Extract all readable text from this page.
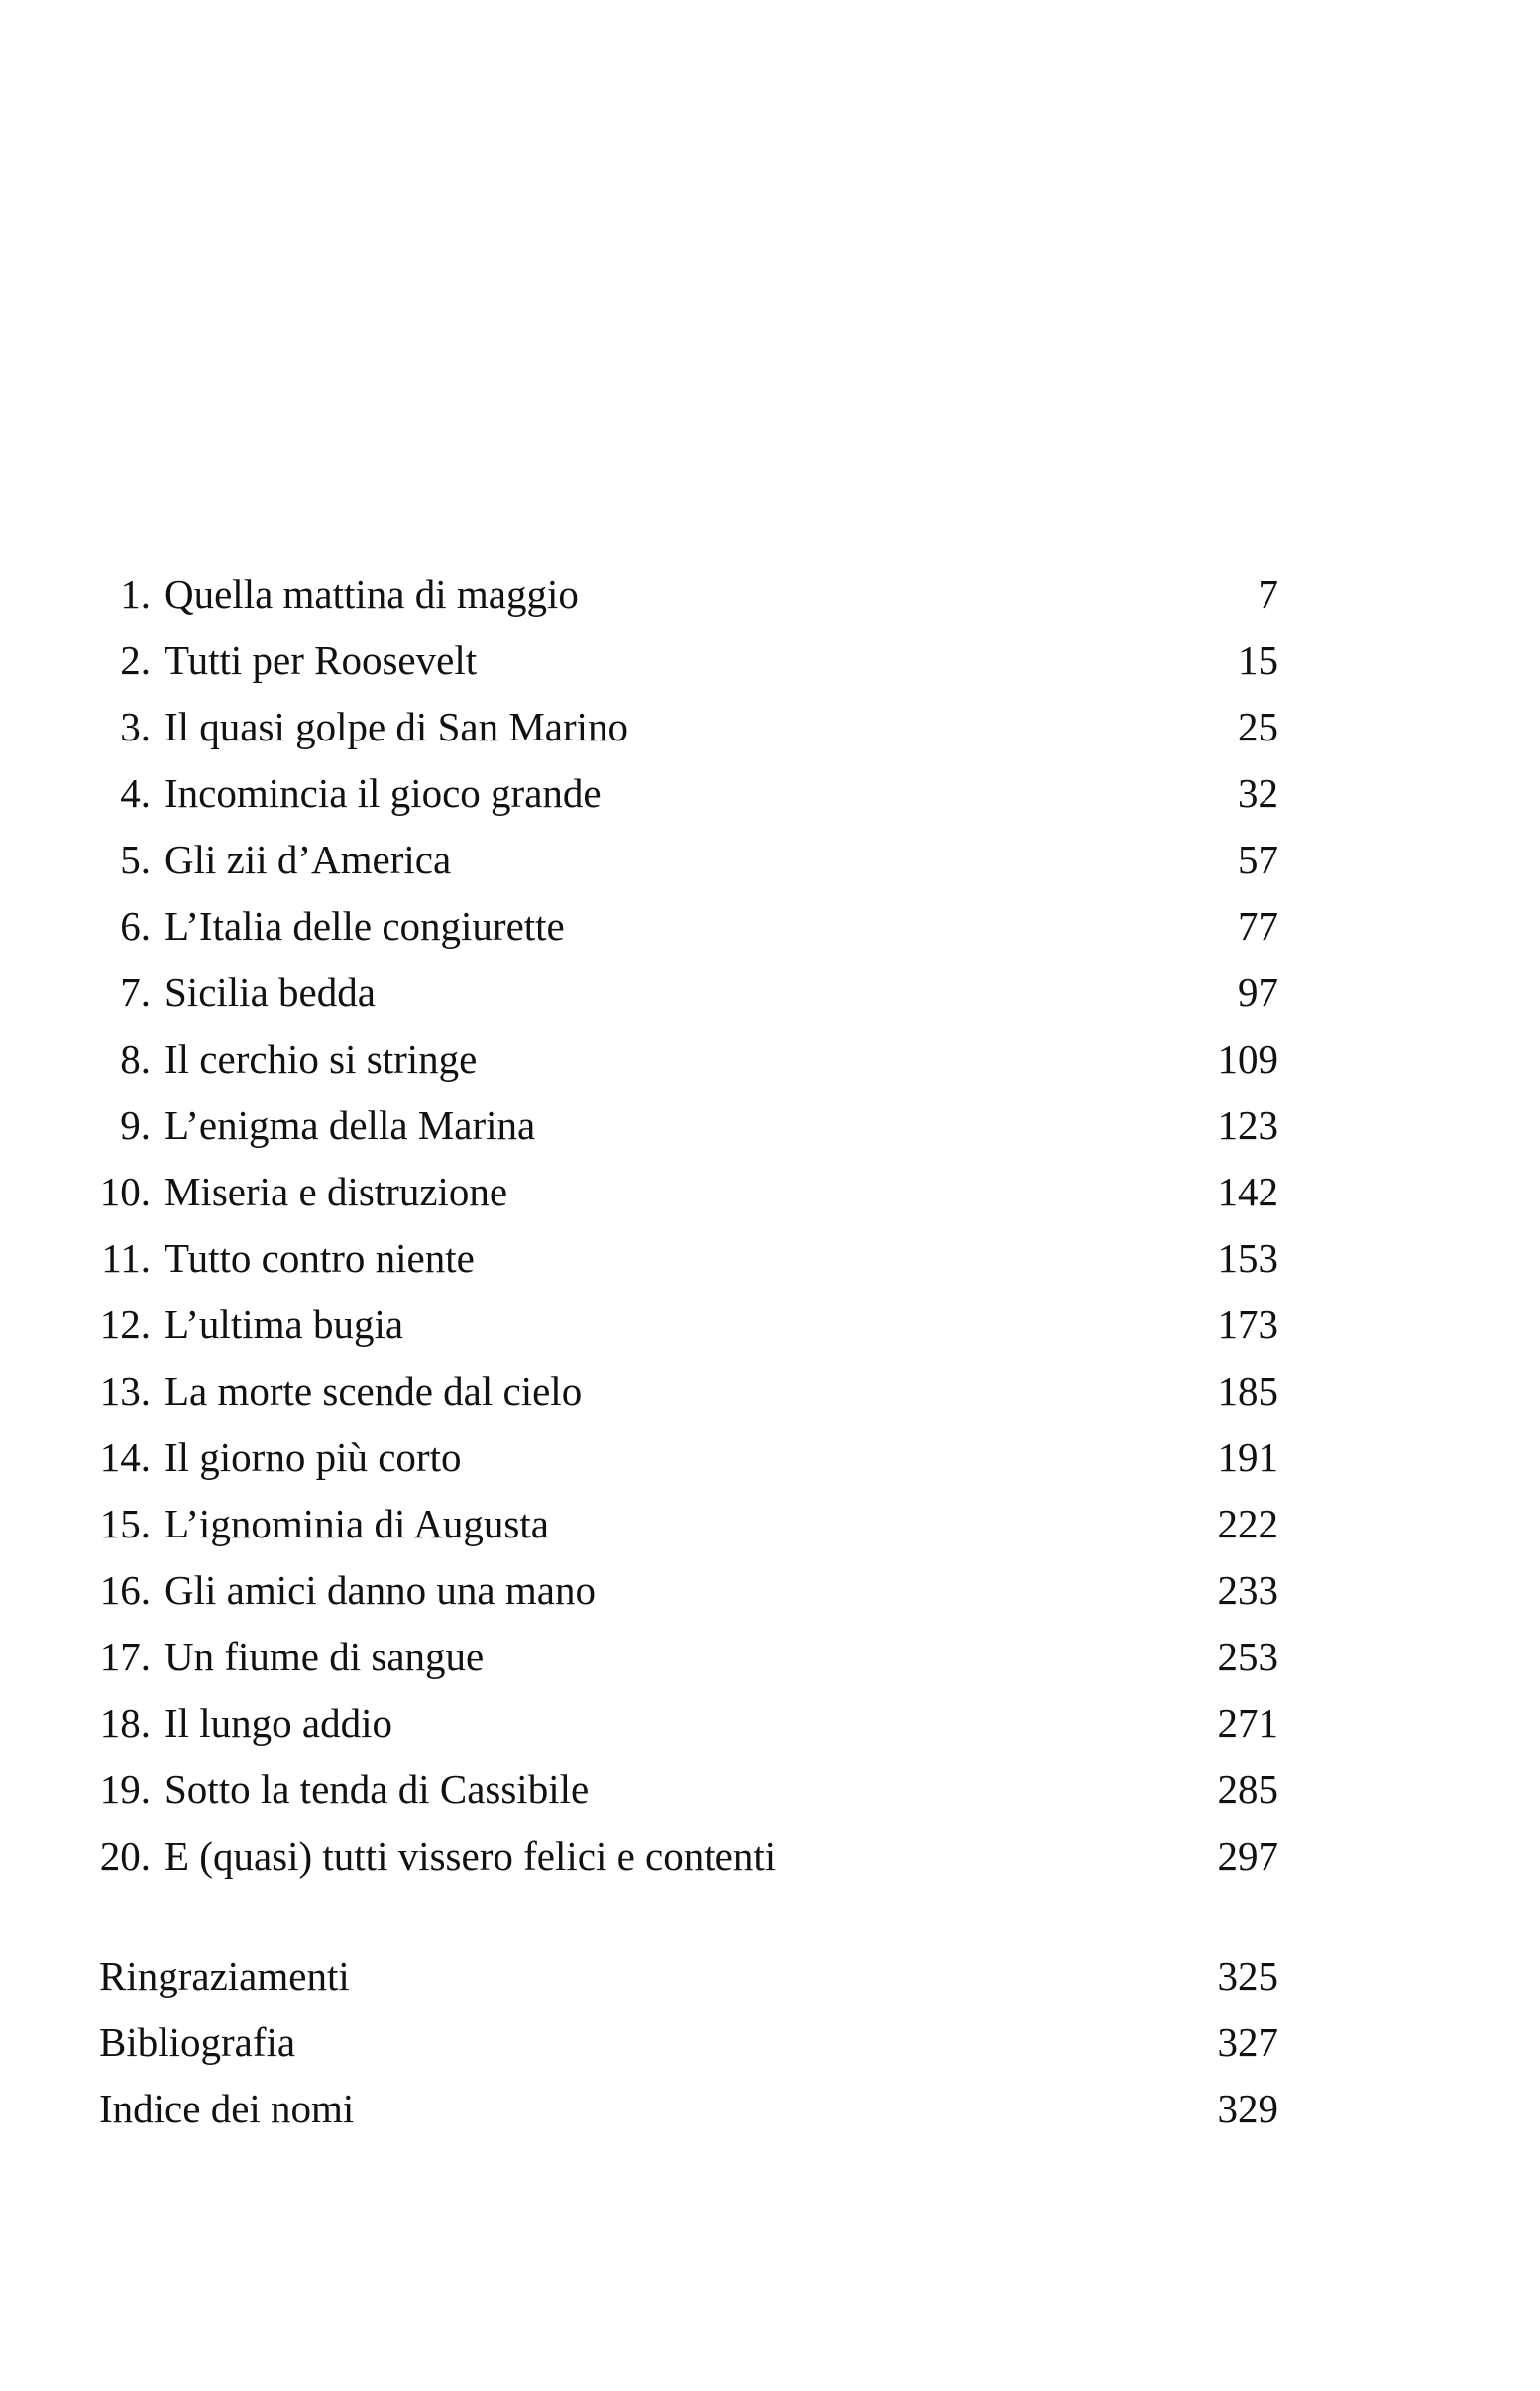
1. Quella mattina di maggio	7
2. Tutti per Roosevelt	15
3. Il quasi golpe di San Marino	25
4. Incomincia il gioco grande	32
5. Gli zii d’America	57
6. L’Italia delle congiurette	77
7. Sicilia bedda	97
8. Il cerchio si stringe	109
9. L’enigma della Marina	123
10. Miseria e distruzione	142
11. Tutto contro niente	153
12. L’ultima bugia	173
13. La morte scende dal cielo	185
14. Il giorno più corto	191
15. L’ignominia di Augusta	222
16. Gli amici danno una mano	233
17. Un fiume di sangue	253
18. Il lungo addio	271
19. Sotto la tenda di Cassibile	285
20. E (quasi) tutti vissero felici e contenti	297
Ringraziamenti	325
Bibliografia	327
Indice dei nomi	329
